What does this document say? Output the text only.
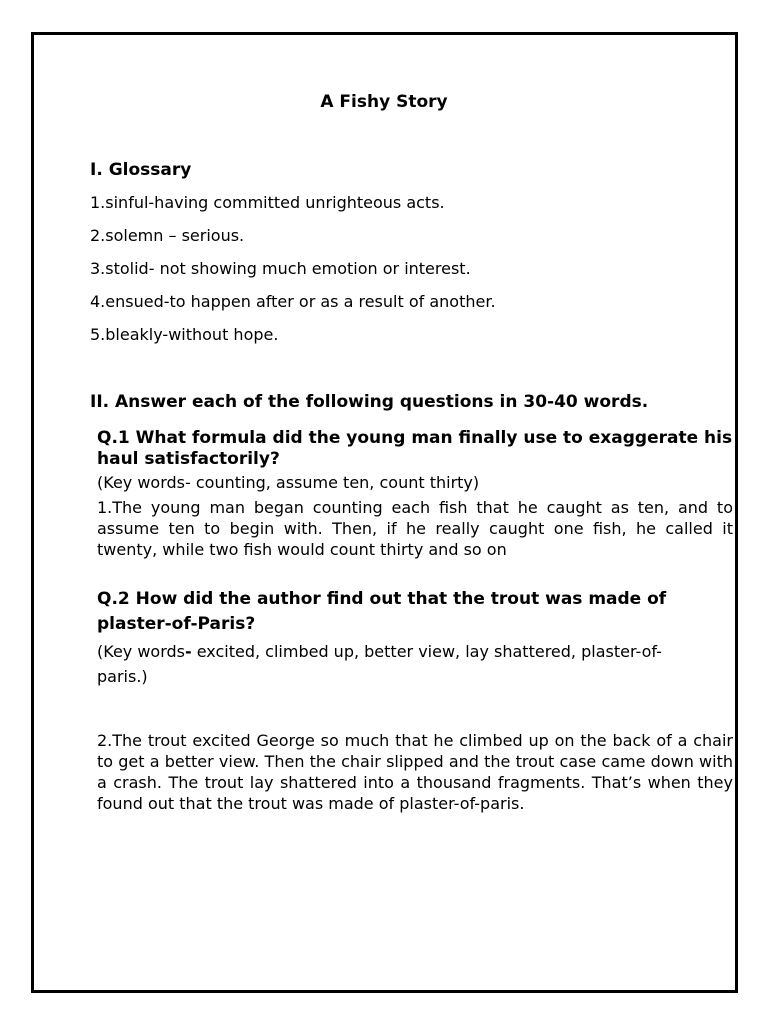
A Fishy Story
I. Glossary
1.sinful-having committed unrighteous acts.
2.solemn – serious.
3.stolid- not showing much emotion or interest.
4.ensued-to happen after or as a result of another.
5.bleakly-without hope.
II. Answer each of the following questions in 30-40 words.
Q.1 What formula did the young man finally use to exaggerate his haul satisfactorily?
(Key words- counting, assume ten, count thirty)
1.The young man began counting each fish that he caught as ten, and to assume ten to begin with. Then, if he really caught one fish, he called it twenty, while two fish would count thirty and so on
Q.2 How did the author find out that the trout was made of
plaster-of-Paris?
(Key words- excited, climbed up, better view, lay shattered, plaster-of-
paris.)
2.The trout excited George so much that he climbed up on the back of a chair to get a better view. Then the chair slipped and the trout case came down with a crash. The trout lay shattered into a thousand fragments. That’s when they found out that the trout was made of plaster-of-paris.
